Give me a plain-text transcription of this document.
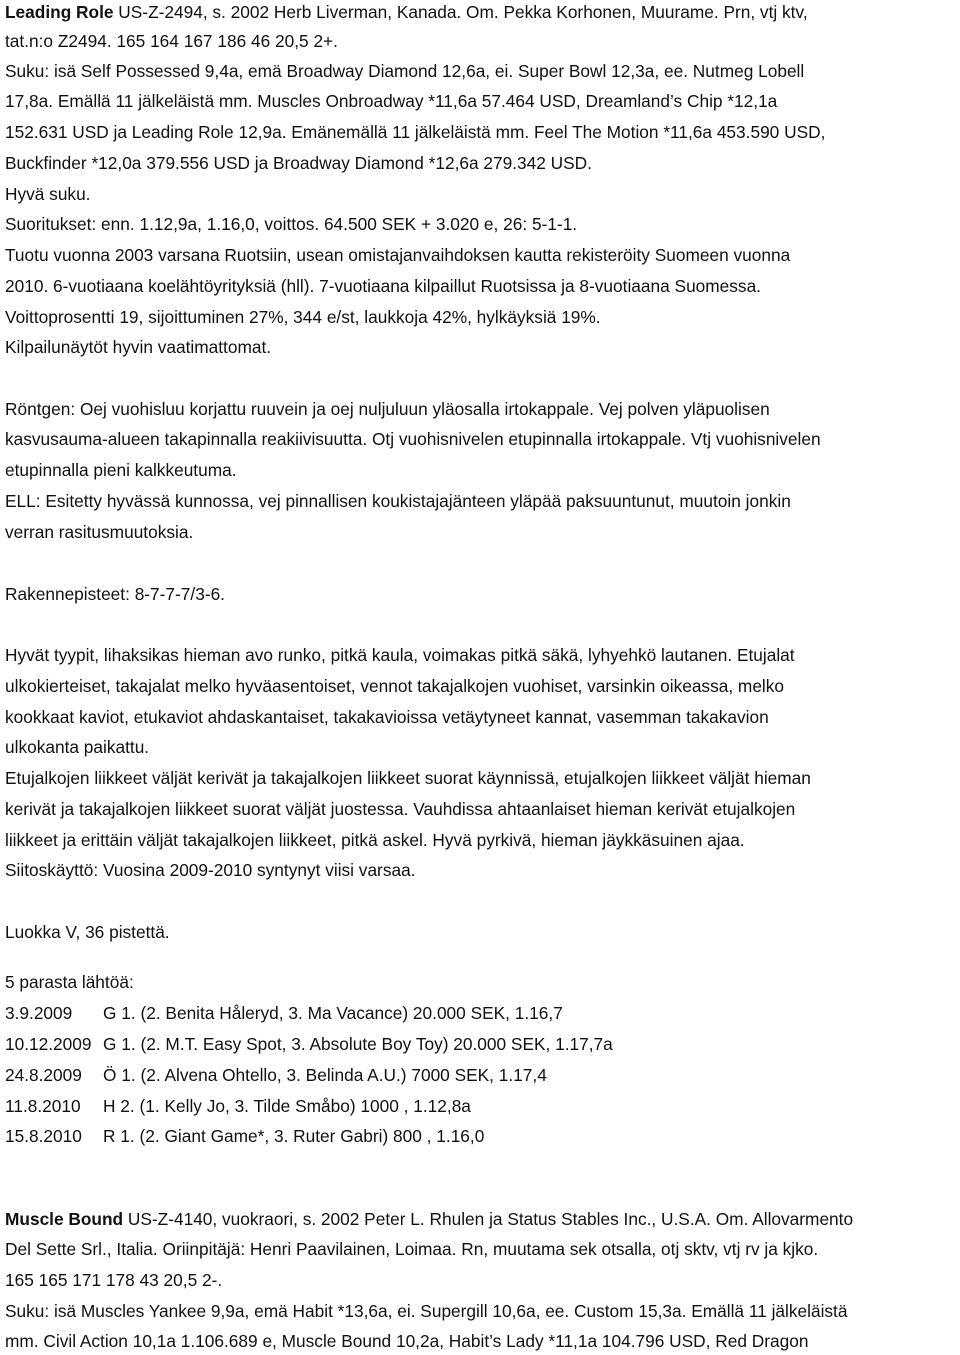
Leading Role US-Z-2494, s. 2002 Herb Liverman, Kanada. Om. Pekka Korhonen, Muurame. Prn, vtj ktv,
tat.n:o Z2494. 165 164 167 186 46 20,5 2+.
Suku: isä Self Possessed 9,4a, emä Broadway Diamond 12,6a, ei. Super Bowl 12,3a, ee. Nutmeg Lobell
17,8a. Emällä 11 jälkeläistä mm. Muscles Onbroadway *11,6a 57.464 USD, Dreamland’s Chip *12,1a
152.631 USD ja Leading Role 12,9a. Emänemällä 11 jälkeläistä mm. Feel The Motion *11,6a 453.590 USD,
Buckfinder *12,0a 379.556 USD ja Broadway Diamond *12,6a 279.342 USD.
Hyvä suku.
Suoritukset: enn. 1.12,9a, 1.16,0, voittos. 64.500 SEK + 3.020 e, 26: 5-1-1.
Tuotu vuonna 2003 varsana Ruotsiin, usean omistajanvaihdoksen kautta rekisteröity Suomeen vuonna
2010. 6-vuotiaana koelähtöyrityksiä (hll). 7-vuotiaana kilpaillut Ruotsissa ja 8-vuotiaana Suomessa.
Voittoprosentti 19, sijoittuminen 27%, 344 e/st, laukkoja 42%, hylkäyksiä 19%.
Kilpailunäytöt hyvin vaatimattomat.
Röntgen: Oej vuohisluu korjattu ruuvein ja oej nuljuluun yläosalla irtokappale. Vej polven yläpuolisen
kasvusauma-alueen takapinnalla reakiivisuutta. Otj vuohisnivelen etupinnalla irtokappale. Vtj vuohisnivelen
etupinnalla pieni kalkkeutuma.
ELL: Esitetty hyvässä kunnossa, vej pinnallisen koukistajajänteen yläpää paksuuntunut, muutoin jonkin
verran rasitusmuutoksia.
Rakennepisteet: 8-7-7-7/3-6.
Hyvät tyypit, lihaksikas hieman avo runko, pitkä kaula, voimakas pitkä säkä, lyhyehkö lautanen. Etujalat
ulkokierteiset, takajalat melko hyväasentoiset, vennot takajalkojen vuohiset, varsinkin oikeassa, melko
kookkaat kaviot, etukaviot ahdaskantaiset, takakavioissa vetäytyneet kannat, vasemman takakavion
ulkokanta paikattu.
Etujalkojen liikkeet väljät kerivät ja takajalkojen liikkeet suorat käynnissä, etujalkojen liikkeet väljät hieman
kerivät ja takajalkojen liikkeet suorat väljät juostessa. Vauhdissa ahtaanlaiset hieman kerivät etujalkojen
liikkeet ja erittäin väljät takajalkojen liikkeet, pitkä askel. Hyvä pyrkivä, hieman jäykkäsuinen ajaa.
Siitoskäyttö: Vuosina 2009-2010 syntynyt viisi varsaa.
Luokka V, 36 pistettä.
5 parasta lähtöä:
3.9.2009 G 1. (2. Benita Håleryd, 3. Ma Vacance) 20.000 SEK, 1.16,7
10.12.2009 G 1. (2. M.T. Easy Spot, 3. Absolute Boy Toy) 20.000 SEK, 1.17,7a
24.8.2009 Ö 1. (2. Alvena Ohtello, 3. Belinda A.U.) 7000 SEK, 1.17,4
11.8.2010 H 2. (1. Kelly Jo, 3. Tilde Småbo) 1000 , 1.12,8a
15.8.2010 R 1. (2. Giant Game*, 3. Ruter Gabri) 800 , 1.16,0
Muscle Bound US-Z-4140, vuokraori, s. 2002 Peter L. Rhulen ja Status Stables Inc., U.S.A. Om. Allovarmento
Del Sette Srl., Italia. Oriinpitäjä: Henri Paavilainen, Loimaa. Rn, muutama sek otsalla, otj sktv, vtj rv ja kjko.
165 165 171 178 43 20,5 2-.
Suku: isä Muscles Yankee 9,9a, emä Habit *13,6a, ei. Supergill 10,6a, ee. Custom 15,3a. Emällä 11 jälkeläistä
mm. Civil Action 10,1a 1.106.689 e, Muscle Bound 10,2a, Habit’s Lady *11,1a 104.796 USD, Red Dragon
